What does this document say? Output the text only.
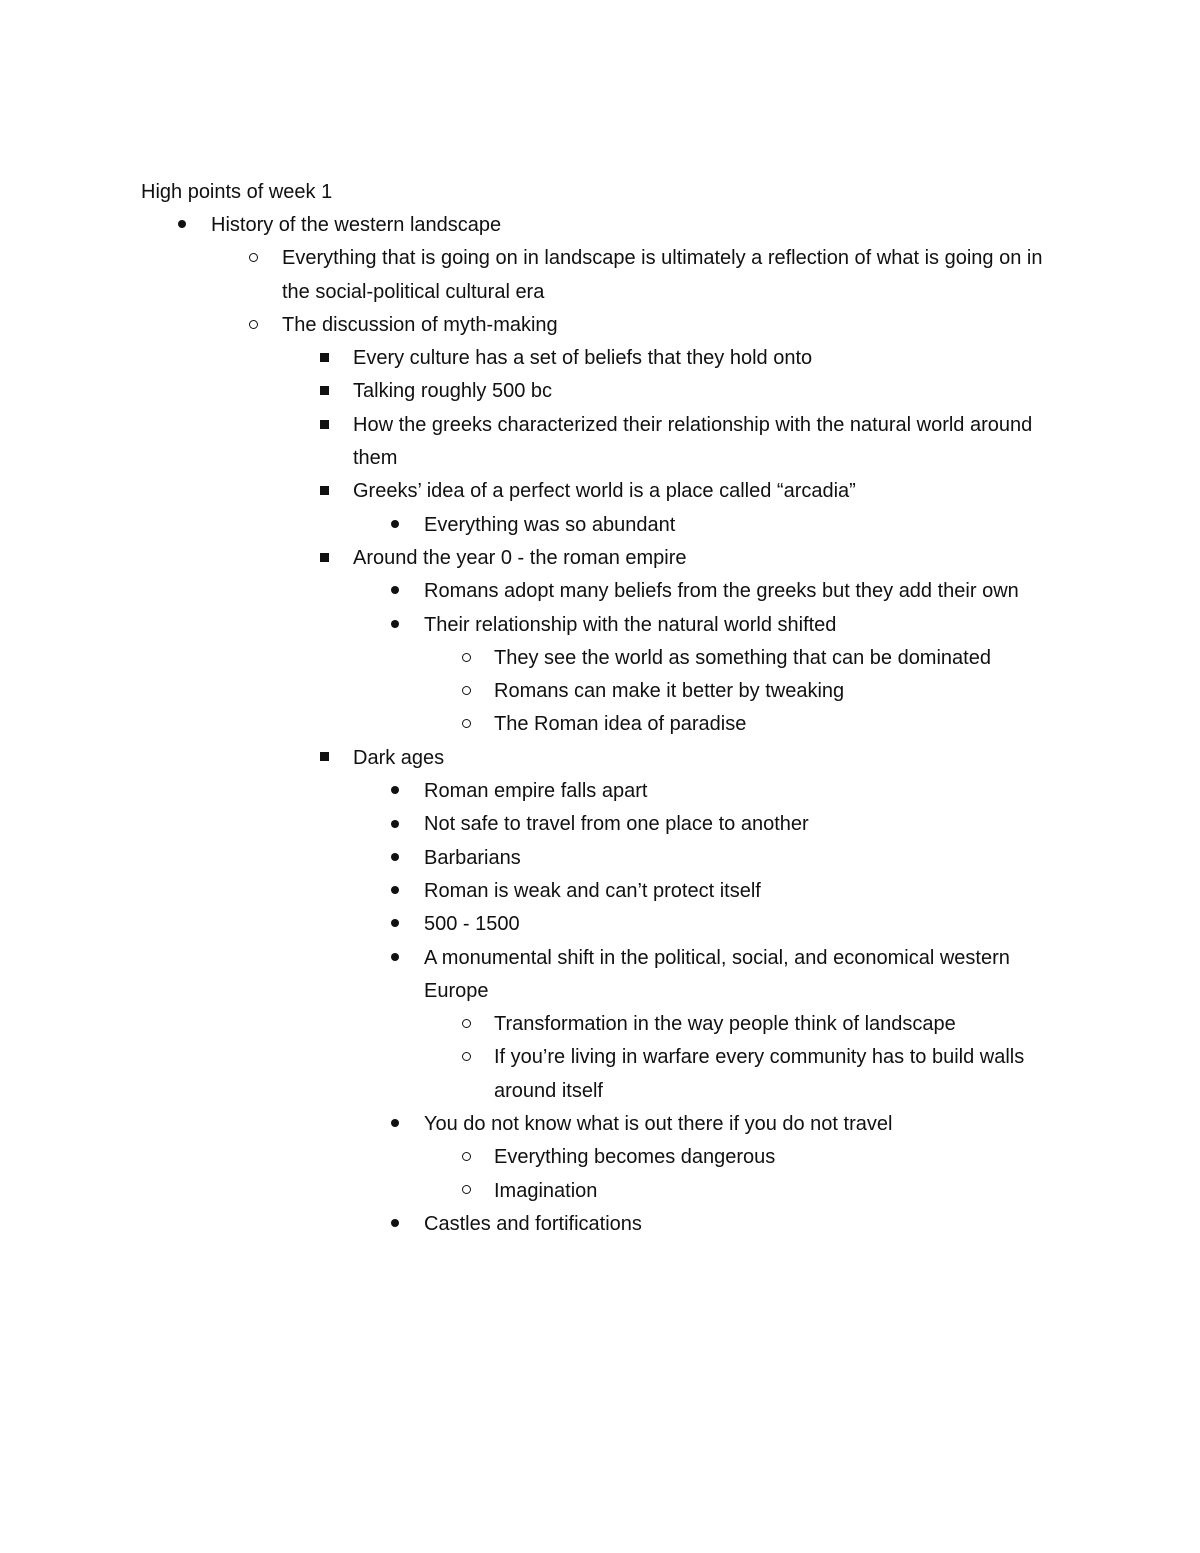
High points of week 1
History of the western landscape
Everything that is going on in landscape is ultimately a reflection of what is going on in the social-political cultural era
The discussion of myth-making
Every culture has a set of beliefs that they hold onto
Talking roughly 500 bc
How the greeks characterized their relationship with the natural world around them
Greeks’ idea of a perfect world is a place called “arcadia”
Everything was so abundant
Around the year 0 - the roman empire
Romans adopt many beliefs from the greeks but they add their own
Their relationship with the natural world shifted
They see the world as something that can be dominated
Romans can make it better by tweaking
The Roman idea of paradise
Dark ages
Roman empire falls apart
Not safe to travel from one place to another
Barbarians
Roman is weak and can’t protect itself
500 - 1500
A monumental shift in the political, social, and economical western Europe
Transformation in the way people think of landscape
If you’re living in warfare every community has to build walls around itself
You do not know what is out there if you do not travel
Everything becomes dangerous
Imagination
Castles and fortifications
